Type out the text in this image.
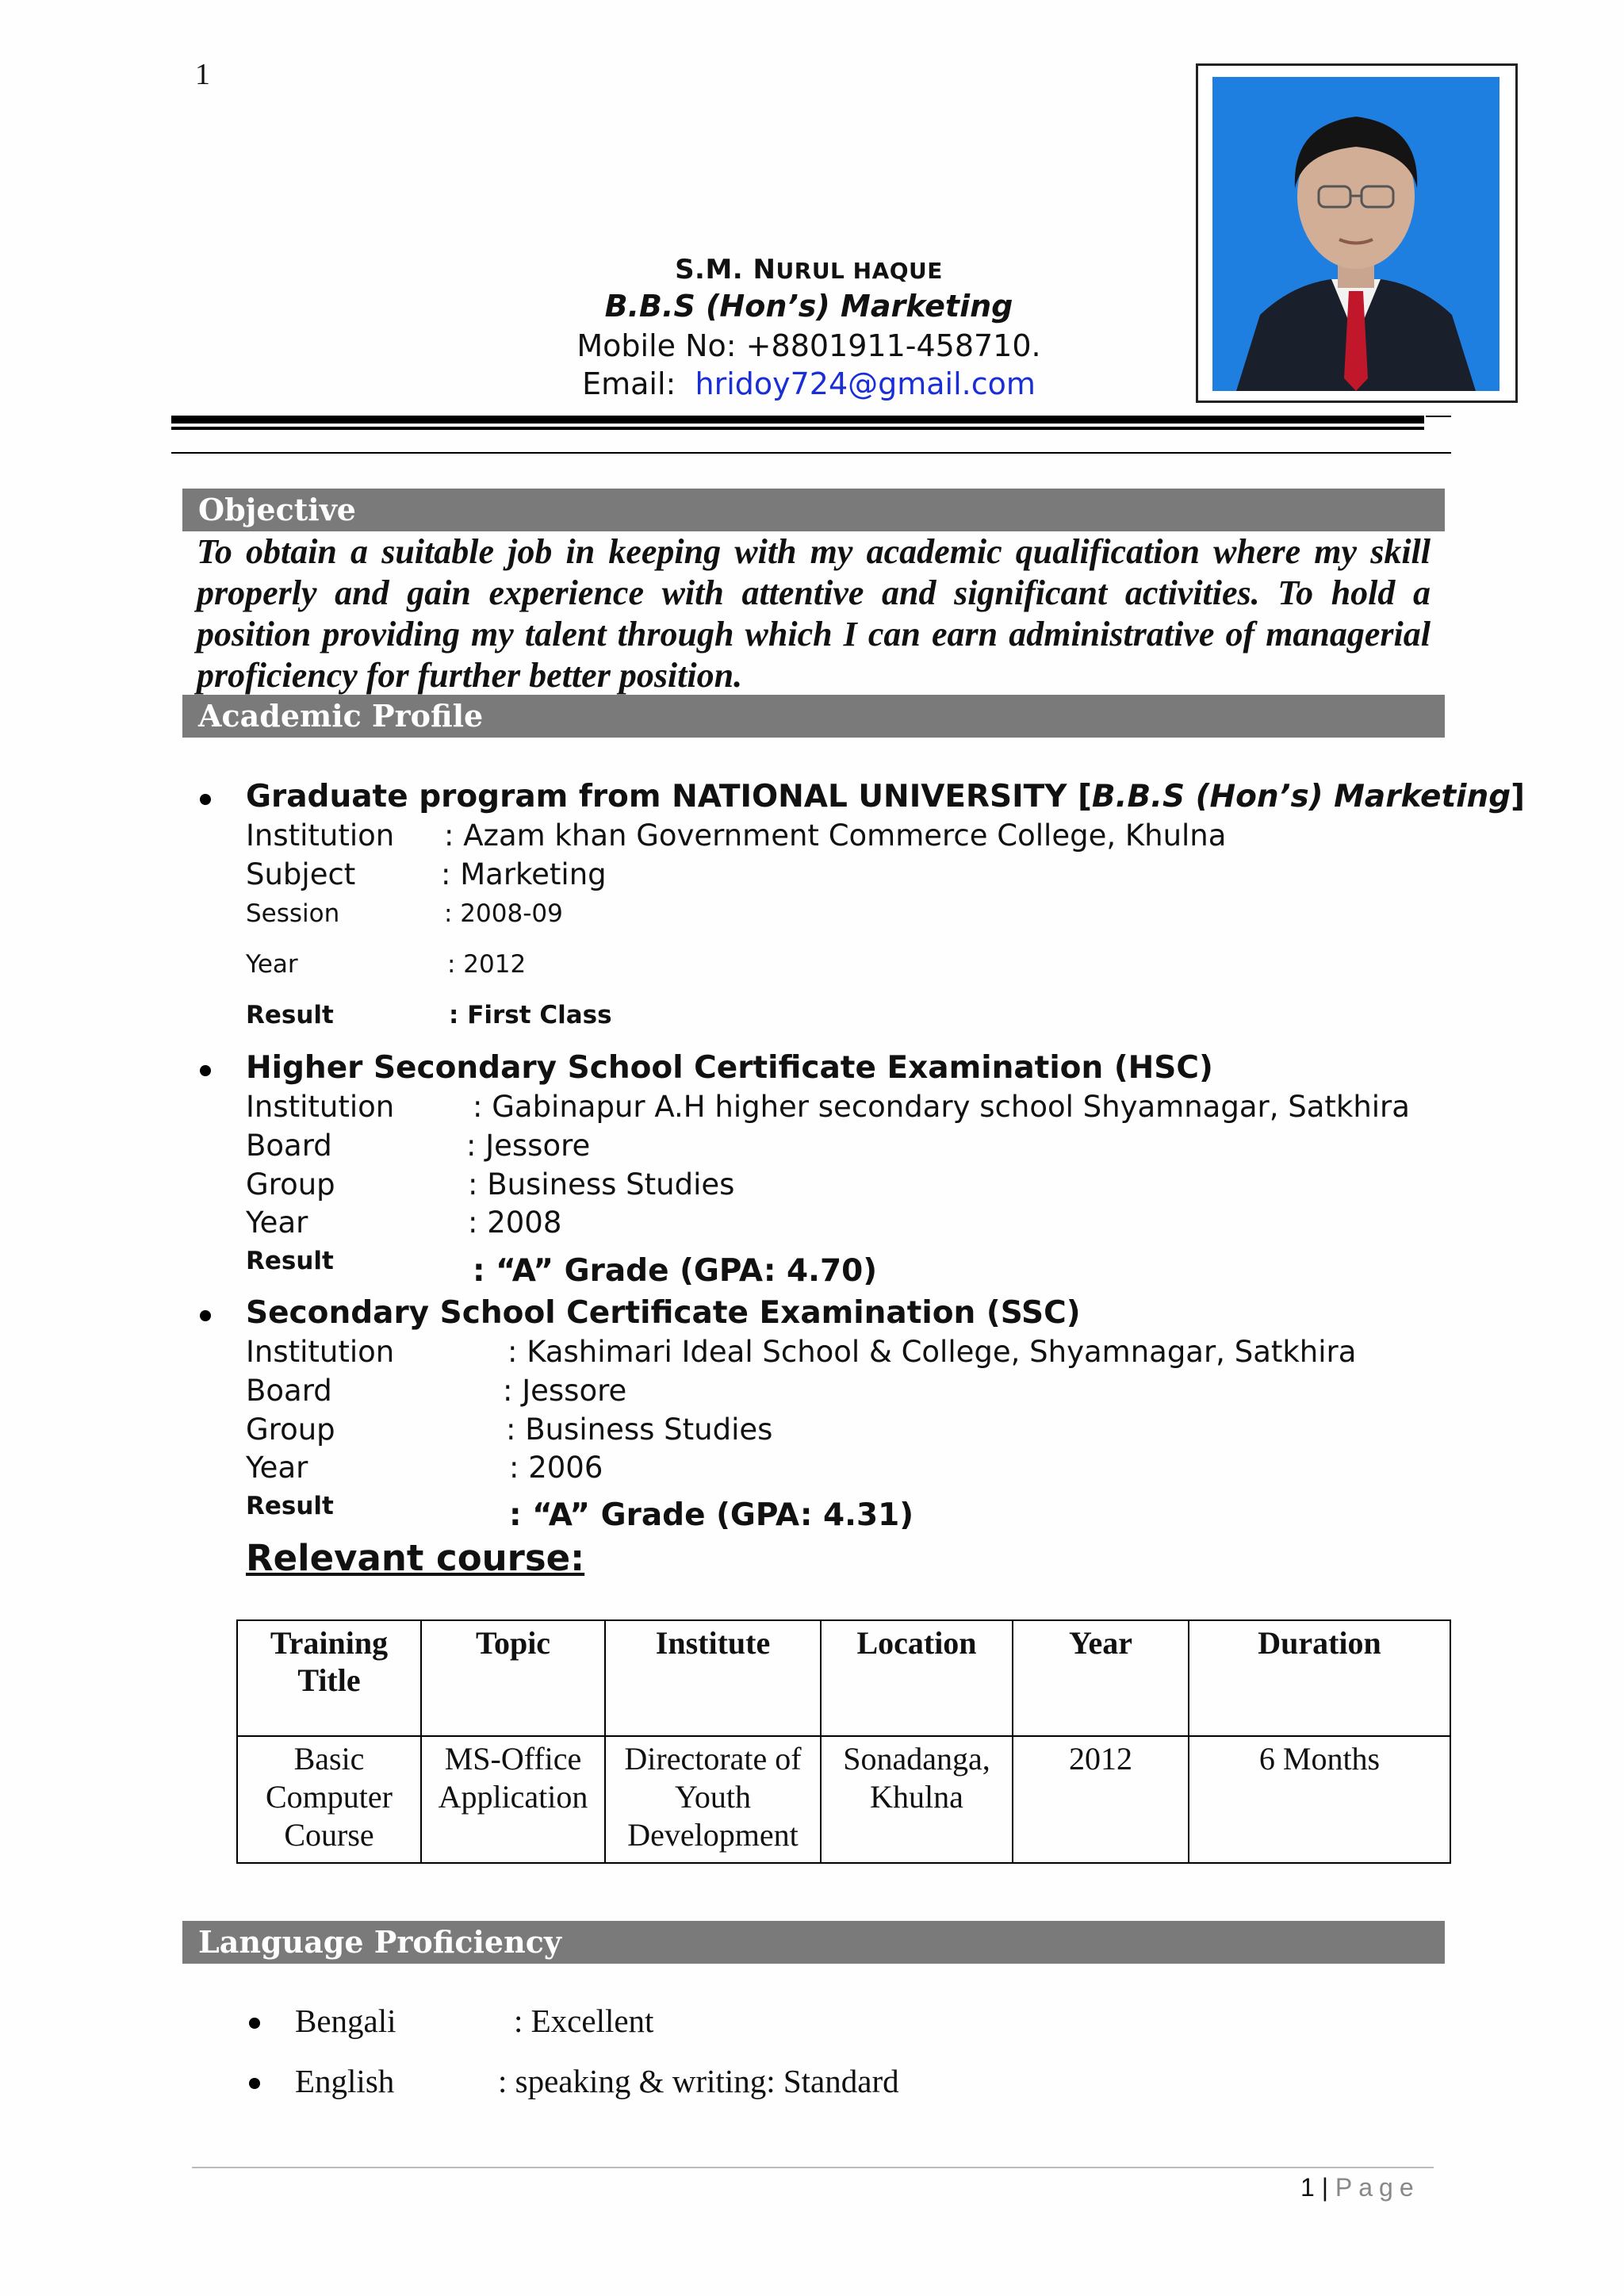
1
S.M. NURUL HAQUE
B.B.S (Hon’s) Marketing
Mobile No: +8801911-458710.
Email: hridoy724@gmail.com
Objective
To obtain a suitable job in keeping with my academic qualification where my skill properly and gain experience with attentive and significant activities. To hold a position providing my talent through which I can earn administrative of managerial proficiency for further better position.
Academic Profile
Graduate program from NATIONAL UNIVERSITY [B.B.S (Hon’s) Marketing]
Institution : Azam khan Government Commerce College, Khulna
Subject	: Marketing
Session	: 2008-09
Year	: 2012
Result	: First Class
Higher Secondary School Certificate Examination (HSC)
Institution	: Gabinapur A.H higher secondary school Shyamnagar, Satkhira
Board	: Jessore
Group	: Business Studies
Year	: 2008
Result	: “A” Grade (GPA: 4.70)
Secondary School Certificate Examination (SSC)
Institution	: Kashimari Ideal School & College, Shyamnagar, Satkhira
Board	: Jessore
Group	: Business Studies
Year	: 2006
Result	: “A” Grade (GPA: 4.31)
Relevant course:
Training Title	Topic	Institute	Location	Year	Duration
Basic Computer Course	MS-Office Application	Directorate of Youth Development	Sonadanga, Khulna	2012	6 Months
Language Proficiency
Bengali	: Excellent
English	: speaking & writing: Standard
1 | Page
